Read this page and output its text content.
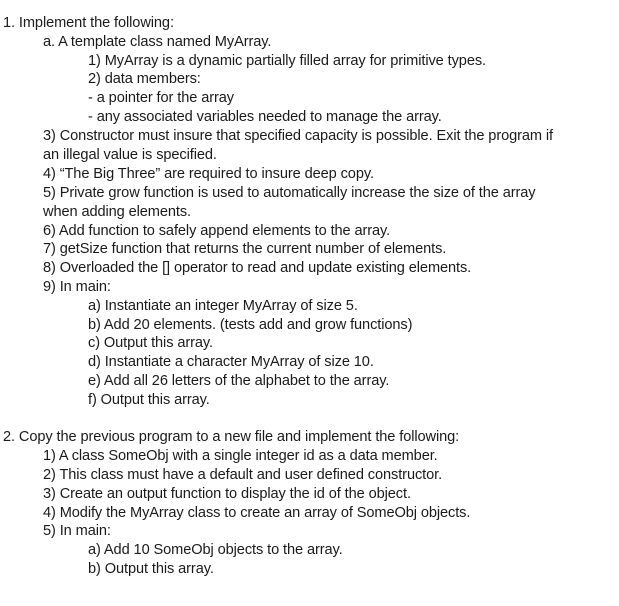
1. Implement the following:
a. A template class named MyArray.
1) MyArray is a dynamic partially filled array for primitive types.
2) data members:
- a pointer for the array
- any associated variables needed to manage the array.
3) Constructor must insure that specified capacity is possible. Exit the program if
an illegal value is specified.
4) “The Big Three” are required to insure deep copy.
5) Private grow function is used to automatically increase the size of the array
when adding elements.
6) Add function to safely append elements to the array.
7) getSize function that returns the current number of elements.
8) Overloaded the [] operator to read and update existing elements.
9) In main:
a) Instantiate an integer MyArray of size 5.
b) Add 20 elements. (tests add and grow functions)
c) Output this array.
d) Instantiate a character MyArray of size 10.
e) Add all 26 letters of the alphabet to the array.
f) Output this array.
2. Copy the previous program to a new file and implement the following:
1) A class SomeObj with a single integer id as a data member.
2) This class must have a default and user defined constructor.
3) Create an output function to display the id of the object.
4) Modify the MyArray class to create an array of SomeObj objects.
5) In main:
a) Add 10 SomeObj objects to the array.
b) Output this array.
